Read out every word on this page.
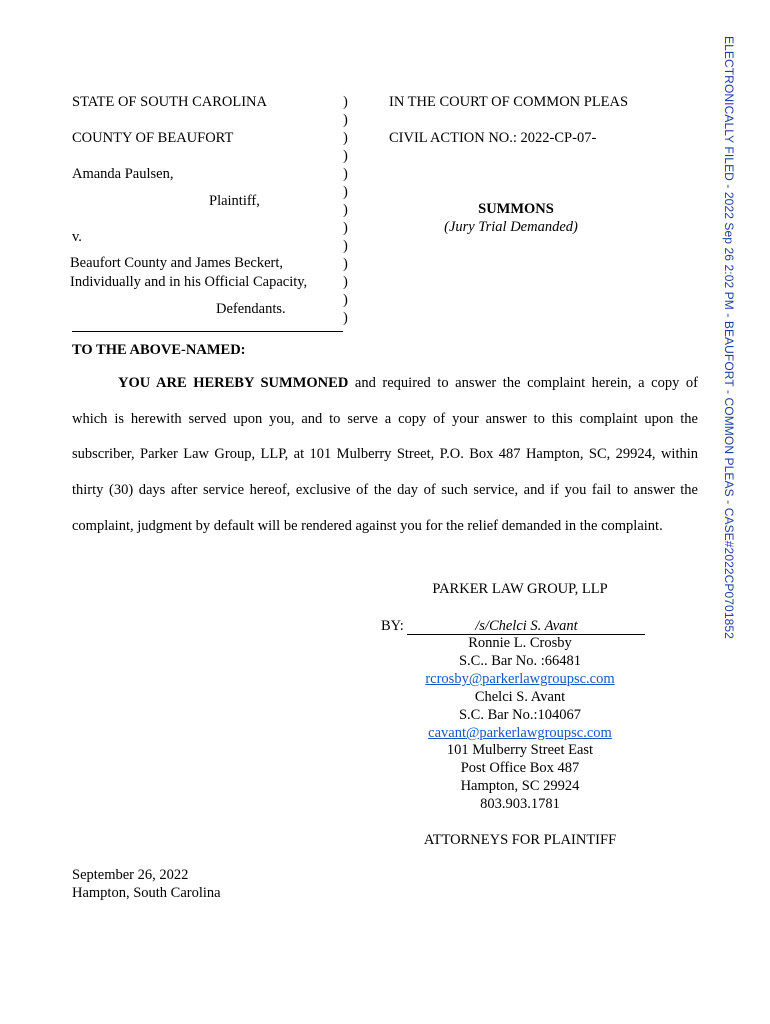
ELECTRONICALLY FILED - 2022 Sep 26 2:02 PM - BEAUFORT - COMMON PLEAS - CASE#2022CP0701852
STATE OF SOUTH CAROLINA
COUNTY OF BEAUFORT
Amanda Paulsen,
Plaintiff,
v.
Beaufort County and James Beckert,
Individually and in his Official Capacity,
Defendants.
)
)
)
)
)
)
)
)
)
)
)
)
)
IN THE COURT OF COMMON PLEAS
CIVIL ACTION NO.: 2022-CP-07-
SUMMONS
(Jury Trial Demanded)
TO THE ABOVE-NAMED:
YOU ARE HEREBY SUMMONED and required to answer the complaint herein, a copy of which is herewith served upon you, and to serve a copy of your answer to this complaint upon the subscriber, Parker Law Group, LLP, at 101 Mulberry Street, P.O. Box 487 Hampton, SC, 29924, within thirty (30) days after service hereof, exclusive of the day of such service, and if you fail to answer the complaint, judgment by default will be rendered against you for the relief demanded in the complaint.
PARKER LAW GROUP, LLP
BY:	/s/Chelci S. Avant
Ronnie L. Crosby
S.C.. Bar No. :66481
rcrosby@parkerlawgroupsc.com
Chelci S. Avant
S.C. Bar No.:104067
cavant@parkerlawgroupsc.com
101 Mulberry Street East
Post Office Box 487
Hampton, SC 29924
803.903.1781
ATTORNEYS FOR PLAINTIFF
September 26, 2022
Hampton, South Carolina
